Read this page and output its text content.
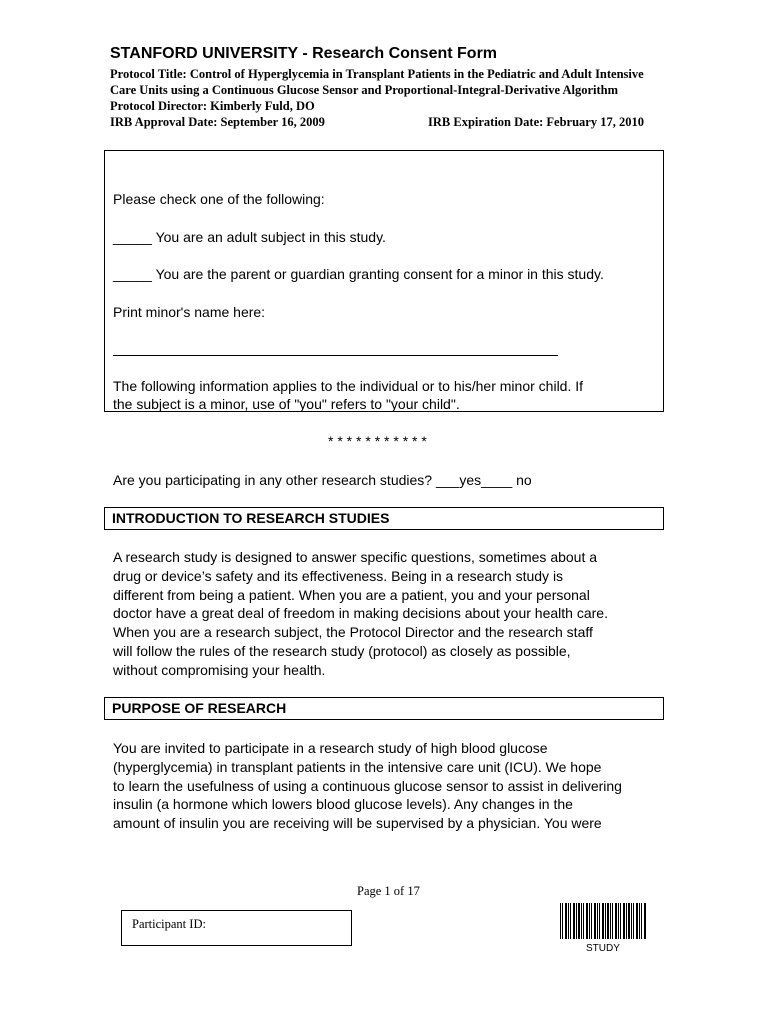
STANFORD UNIVERSITY - Research Consent Form
Protocol Title: Control of Hyperglycemia in Transplant Patients in the Pediatric and Adult Intensive
Care Units using a Continuous Glucose Sensor and Proportional-Integral-Derivative Algorithm
Protocol Director: Kimberly Fuld, DO
IRB Approval Date: September 16, 2009	IRB Expiration Date: February 17, 2010
Please check one of the following:
_____ You are an adult subject in this study.
_____ You are the parent or guardian granting consent for a minor in this study.
Print minor's name here:
The following information applies to the individual or to his/her minor child. If
the subject is a minor, use of "you" refers to "your child".
* * * * * * * * * * *
Are you participating in any other research studies? ___yes____ no
INTRODUCTION TO RESEARCH STUDIES
A research study is designed to answer specific questions, sometimes about a
drug or device’s safety and its effectiveness. Being in a research study is
different from being a patient. When you are a patient, you and your personal
doctor have a great deal of freedom in making decisions about your health care.
When you are a research subject, the Protocol Director and the research staff
will follow the rules of the research study (protocol) as closely as possible,
without compromising your health.
PURPOSE OF RESEARCH
You are invited to participate in a research study of high blood glucose
(hyperglycemia) in transplant patients in the intensive care unit (ICU). We hope
to learn the usefulness of using a continuous glucose sensor to assist in delivering
insulin (a hormone which lowers blood glucose levels). Any changes in the
amount of insulin you are receiving will be supervised by a physician. You were
Page 1 of 17
Participant ID:
STUDY
